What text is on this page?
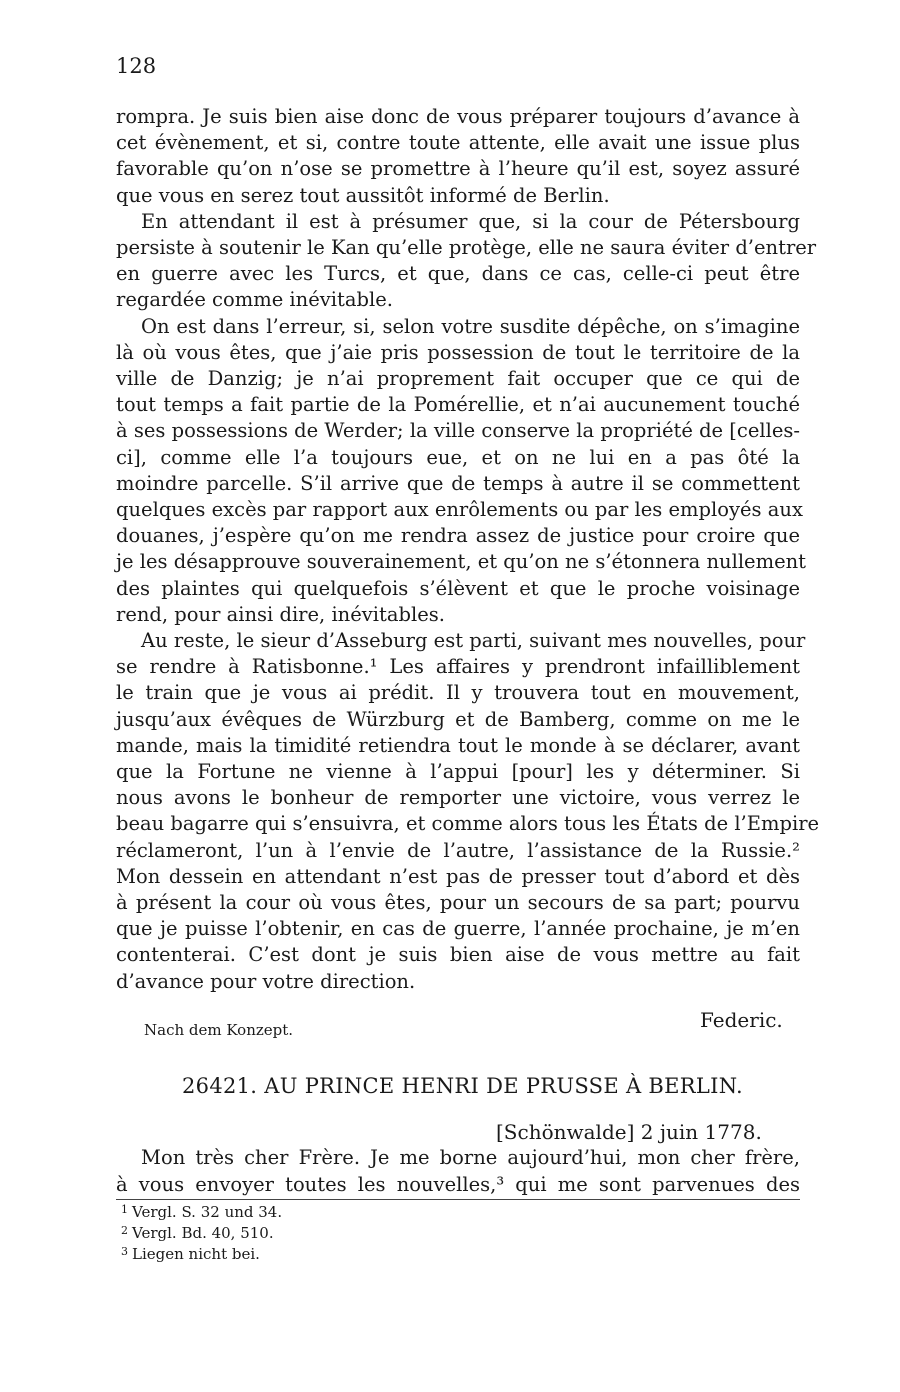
128
rompra. Je suis bien aise donc de vous préparer toujours d’avance à
cet évènement, et si, contre toute attente, elle avait une issue plus
favorable qu’on n’ose se promettre à l’heure qu’il est, soyez assuré
que vous en serez tout aussitôt informé de Berlin.
En attendant il est à présumer que, si la cour de Pétersbourg
persiste à soutenir le Kan qu’elle protège, elle ne saura éviter d’entrer
en guerre avec les Turcs, et que, dans ce cas, celle-ci peut être
regardée comme inévitable.
On est dans l’erreur, si, selon votre susdite dépêche, on s’imagine
là où vous êtes, que j’aie pris possession de tout le territoire de la
ville de Danzig; je n’ai proprement fait occuper que ce qui de
tout temps a fait partie de la Pomérellie, et n’ai aucunement touché
à ses possessions de Werder; la ville conserve la propriété de [celles-
ci], comme elle l’a toujours eue, et on ne lui en a pas ôté la
moindre parcelle. S’il arrive que de temps à autre il se commettent
quelques excès par rapport aux enrôlements ou par les employés aux
douanes, j’espère qu’on me rendra assez de justice pour croire que
je les désapprouve souverainement, et qu’on ne s’étonnera nullement
des plaintes qui quelquefois s’élèvent et que le proche voisinage
rend, pour ainsi dire, inévitables.
Au reste, le sieur d’Asseburg est parti, suivant mes nouvelles, pour
se rendre à Ratisbonne.¹ Les affaires y prendront infailliblement
le train que je vous ai prédit. Il y trouvera tout en mouvement,
jusqu’aux évêques de Würzburg et de Bamberg, comme on me le
mande, mais la timidité retiendra tout le monde à se déclarer, avant
que la Fortune ne vienne à l’appui [pour] les y déterminer. Si
nous avons le bonheur de remporter une victoire, vous verrez le
beau bagarre qui s’ensuivra, et comme alors tous les États de l’Empire
réclameront, l’un à l’envie de l’autre, l’assistance de la Russie.²
Mon dessein en attendant n’est pas de presser tout d’abord et dès
à présent la cour où vous êtes, pour un secours de sa part; pourvu
que je puisse l’obtenir, en cas de guerre, l’année prochaine, je m’en
contenterai. C’est dont je suis bien aise de vous mettre au fait
d’avance pour votre direction.
Federic.
Nach dem Konzept.
26421. AU PRINCE HENRI DE PRUSSE À BERLIN.
[Schönwalde] 2 juin 1778.
Mon très cher Frère. Je me borne aujourd’hui, mon cher frère,
à vous envoyer toutes les nouvelles,³ qui me sont parvenues des
$^1$ Vergl. S. 32 und 34.
$^2$ Vergl. Bd. 40, 510.
$^3$ Liegen nicht bei.
